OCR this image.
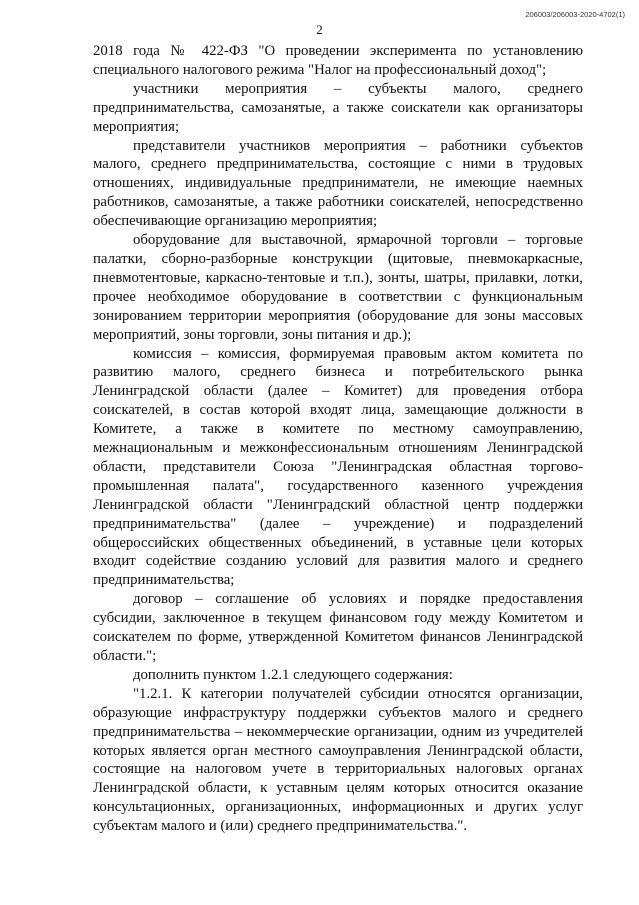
206003/206003-2020-4702(1)
2

2018 года № 422-ФЗ "О проведении эксперимента по установлению специального налогового режима "Налог на профессиональный доход";

участники мероприятия – субъекты малого, среднего предпринимательства, самозанятые, а также соискатели как организаторы мероприятия;

представители участников мероприятия – работники субъектов малого, среднего предпринимательства, состоящие с ними в трудовых отношениях, индивидуальные предприниматели, не имеющие наемных работников, самозанятые, а также работники соискателей, непосредственно обеспечивающие организацию мероприятия;

оборудование для выставочной, ярмарочной торговли – торговые палатки, сборно-разборные конструкции (щитовые, пневмокаркасные, пневмотентовые, каркасно-тентовые и т.п.), зонты, шатры, прилавки, лотки, прочее необходимое оборудование в соответствии с функциональным зонированием территории мероприятия (оборудование для зоны массовых мероприятий, зоны торговли, зоны питания и др.);

комиссия – комиссия, формируемая правовым актом комитета по развитию малого, среднего бизнеса и потребительского рынка Ленинградской области (далее – Комитет) для проведения отбора соискателей, в состав которой входят лица, замещающие должности в Комитете, а также в комитете по местному самоуправлению, межнациональным и межконфессиональным отношениям Ленинградской области, представители Союза "Ленинградская областная торгово-промышленная палата", государственного казенного учреждения Ленинградской области "Ленинградский областной центр поддержки предпринимательства" (далее – учреждение) и подразделений общероссийских общественных объединений, в уставные цели которых входит содействие созданию условий для развития малого и среднего предпринимательства;

договор – соглашение об условиях и порядке предоставления субсидии, заключенное в текущем финансовом году между Комитетом и соискателем по форме, утвержденной Комитетом финансов Ленинградской области.";

дополнить пунктом 1.2.1 следующего содержания:

"1.2.1. К категории получателей субсидии относятся организации, образующие инфраструктуру поддержки субъектов малого и среднего предпринимательства – некоммерческие организации, одним из учредителей которых является орган местного самоуправления Ленинградской области, состоящие на налоговом учете в территориальных налоговых органах Ленинградской области, к уставным целям которых относится оказание консультационных, организационных, информационных и других услуг субъектам малого и (или) среднего предпринимательства.".
